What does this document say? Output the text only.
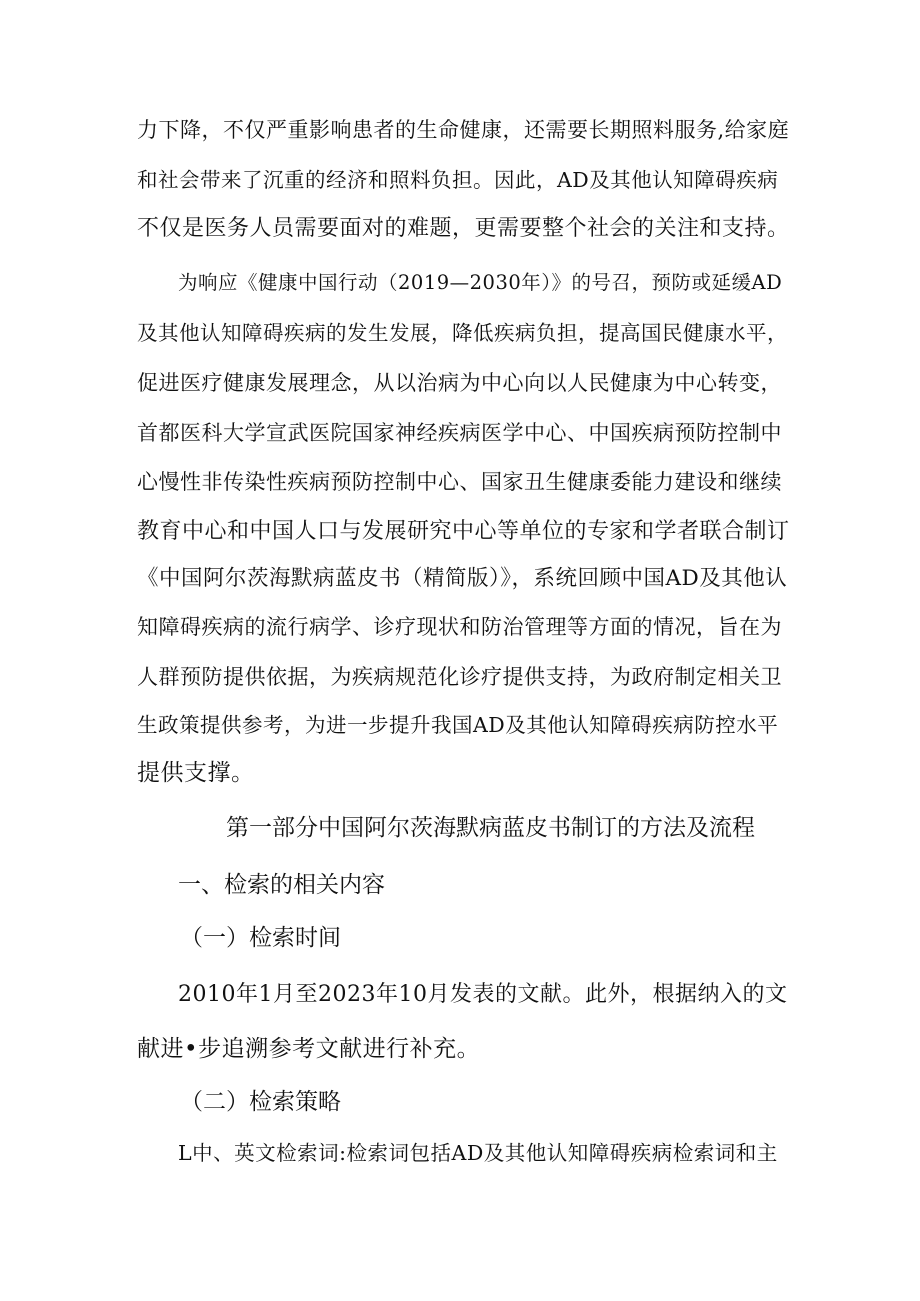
力下降，不仅严重影响患者的生命健康，还需要长期照料服务,给家庭
和社会带来了沉重的经济和照料负担。因此，AD及其他认知障碍疾病
不仅是医务人员需要面对的难题，更需要整个社会的关注和支持。
为响应《健康中国行动（2019—2030年）》的号召，预防或延缓AD
及其他认知障碍疾病的发生发展，降低疾病负担，提高国民健康水平，
促进医疗健康发展理念，从以治病为中心向以人民健康为中心转变，
首都医科大学宣武医院国家神经疾病医学中心、中国疾病预防控制中
心慢性非传染性疾病预防控制中心、国家丑生健康委能力建设和继续
教育中心和中国人口与发展研究中心等单位的专家和学者联合制订
《中国阿尔茨海默病蓝皮书（精简版）》，系统回顾中国AD及其他认
知障碍疾病的流行病学、诊疗现状和防治管理等方面的情况，旨在为
人群预防提供依据，为疾病规范化诊疗提供支持，为政府制定相关卫
生政策提供参考，为进一步提升我国AD及其他认知障碍疾病防控水平
提供支撑。
第一部分中国阿尔茨海默病蓝皮书制订的方法及流程
一、检索的相关内容
（一）检索时间
2010年1月至2023年10月发表的文献。此外，根据纳入的文
献进•步追溯参考文献进行补充。
（二）检索策略
L中、英文检索词:检索词包括AD及其他认知障碍疾病检索词和主
